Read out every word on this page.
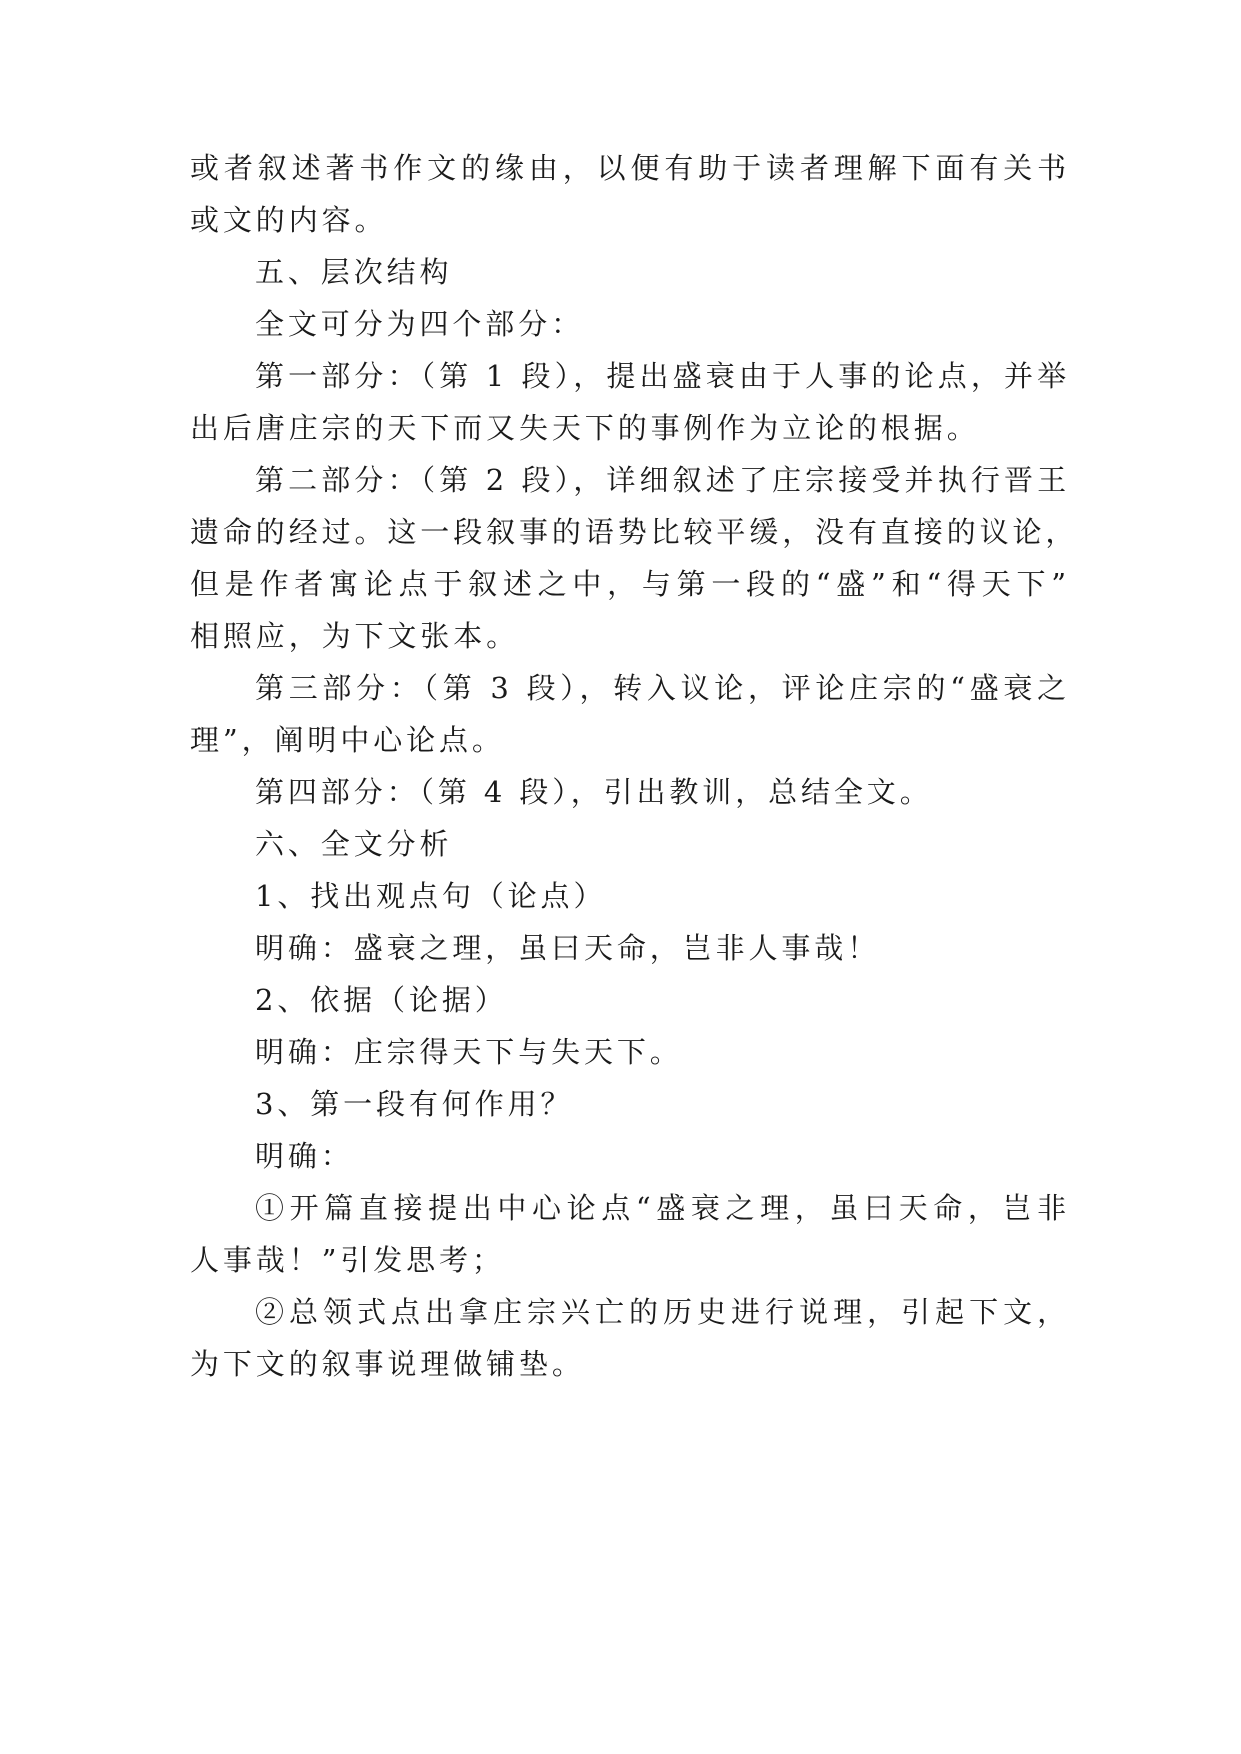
或者叙述著书作文的缘由，以便有助于读者理解下面有关书
或文的内容。
五、层次结构
全文可分为四个部分：
第一部分：（第 1 段），提出盛衰由于人事的论点，并举
出后唐庄宗的天下而又失天下的事例作为立论的根据。
第二部分：（第 2 段），详细叙述了庄宗接受并执行晋王
遗命的经过。这一段叙事的语势比较平缓，没有直接的议论，
但是作者寓论点于叙述之中，与第一段的“盛”和“得天下”
相照应，为下文张本。
第三部分：（第 3 段），转入议论，评论庄宗的“盛衰之
理”，阐明中心论点。
第四部分：（第 4 段），引出教训，总结全文。
六、全文分析
1、找出观点句（论点）
明确：盛衰之理，虽曰天命，岂非人事哉！
2、依据（论据）
明确：庄宗得天下与失天下。
3、第一段有何作用？
明确：
①开篇直接提出中心论点“盛衰之理，虽曰天命，岂非
人事哉！”引发思考；
②总领式点出拿庄宗兴亡的历史进行说理，引起下文，
为下文的叙事说理做铺垫。
